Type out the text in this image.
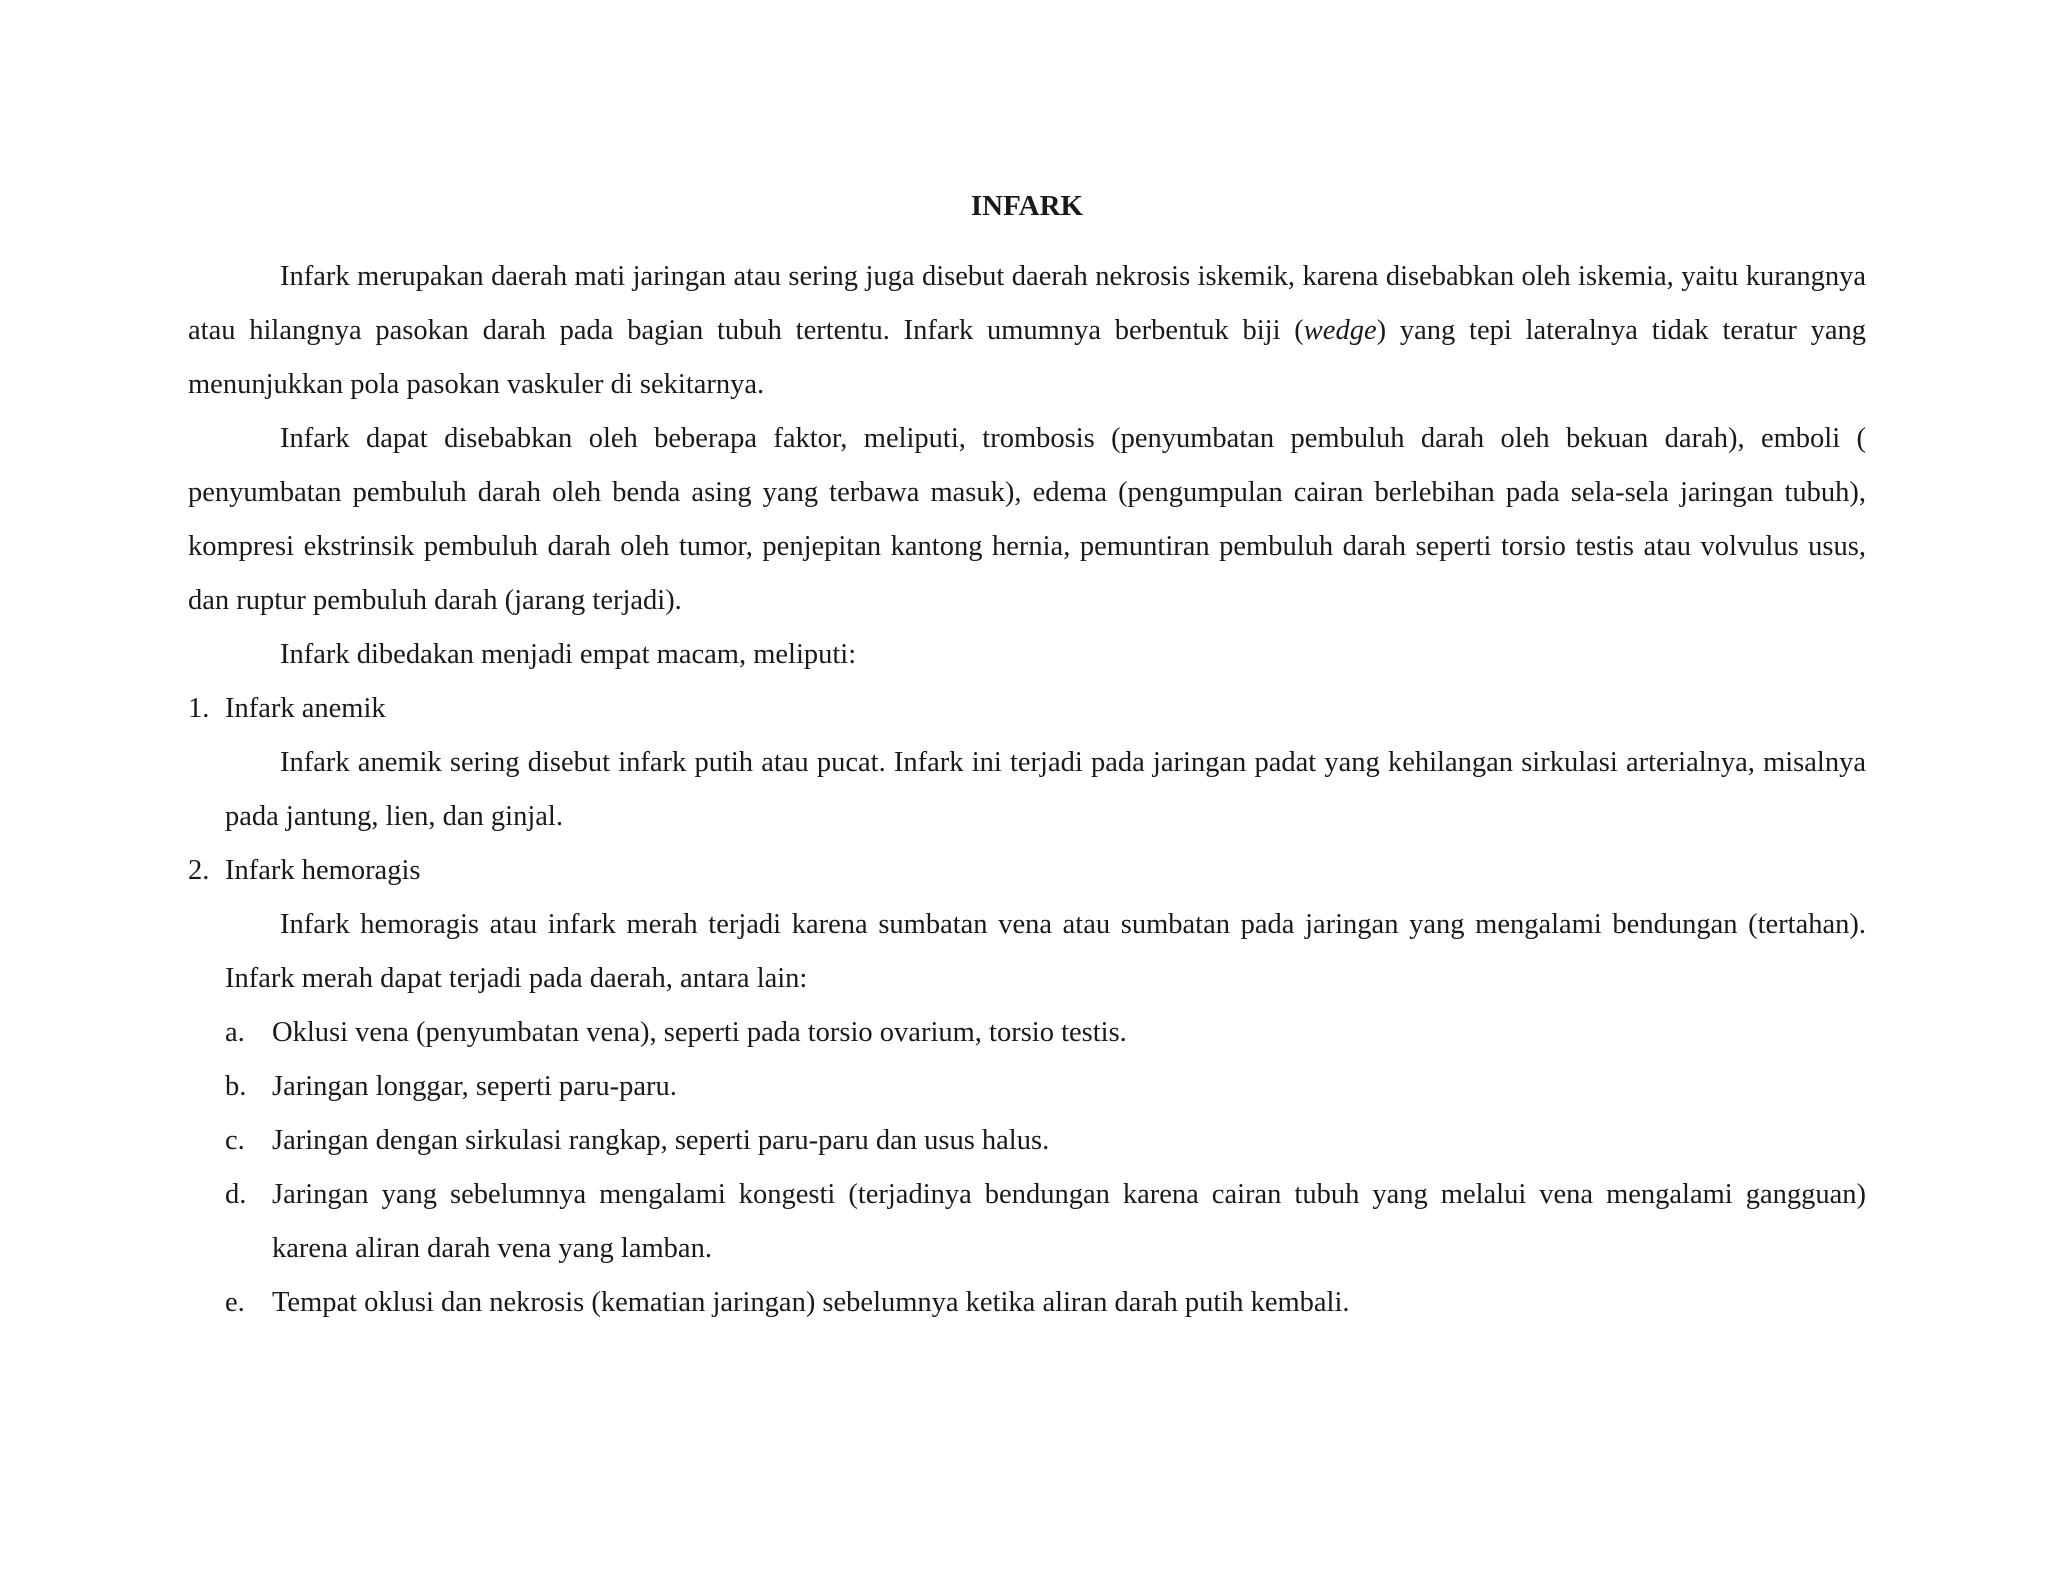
INFARK

Infark merupakan daerah mati jaringan atau sering juga disebut daerah nekrosis iskemik, karena disebabkan oleh iskemia, yaitu kurangnya atau hilangnya pasokan darah pada bagian tubuh tertentu. Infark umumnya berbentuk biji (wedge) yang tepi lateralnya tidak teratur yang menunjukkan pola pasokan vaskuler di sekitarnya.

Infark dapat disebabkan oleh beberapa faktor, meliputi, trombosis (penyumbatan pembuluh darah oleh bekuan darah), emboli ( penyumbatan pembuluh darah oleh benda asing yang terbawa masuk), edema (pengumpulan cairan berlebihan pada sela-sela jaringan tubuh), kompresi ekstrinsik pembuluh darah oleh tumor, penjepitan kantong hernia, pemuntiran pembuluh darah seperti torsio testis atau volvulus usus, dan ruptur pembuluh darah (jarang terjadi).

Infark dibedakan menjadi empat macam, meliputi:

1. Infark anemik

Infark anemik sering disebut infark putih atau pucat. Infark ini terjadi pada jaringan padat yang kehilangan sirkulasi arterialnya, misalnya pada jantung, lien, dan ginjal.

2. Infark hemoragis

Infark hemoragis atau infark merah terjadi karena sumbatan vena atau sumbatan pada jaringan yang mengalami bendungan (tertahan). Infark merah dapat terjadi pada daerah, antara lain:

a. Oklusi vena (penyumbatan vena), seperti pada torsio ovarium, torsio testis.
b. Jaringan longgar, seperti paru-paru.
c. Jaringan dengan sirkulasi rangkap, seperti paru-paru dan usus halus.
d. Jaringan yang sebelumnya mengalami kongesti (terjadinya bendungan karena cairan tubuh yang melalui vena mengalami gangguan) karena aliran darah vena yang lamban.
e. Tempat oklusi dan nekrosis (kematian jaringan) sebelumnya ketika aliran darah putih kembali.
